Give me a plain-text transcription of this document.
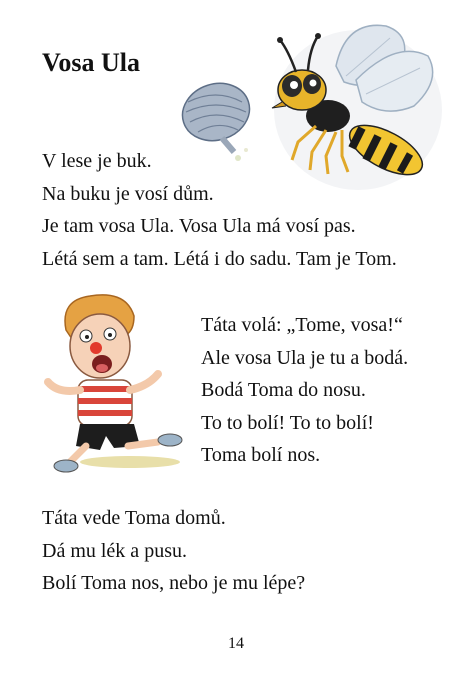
Vosa Ula
V lese je buk.
Na buku je vosí dům.
Je tam vosa Ula. Vosa Ula má vosí pas.
Létá sem a tam. Létá i do sadu. Tam je Tom.
Táta volá: „Tome, vosa!“
Ale vosa Ula je tu a bodá.
Bodá Toma do nosu.
To to bolí! To to bolí!
Toma bolí nos.
Táta vede Toma domů.
Dá mu lék a pusu.
Bolí Toma nos, nebo je mu lépe?
14
